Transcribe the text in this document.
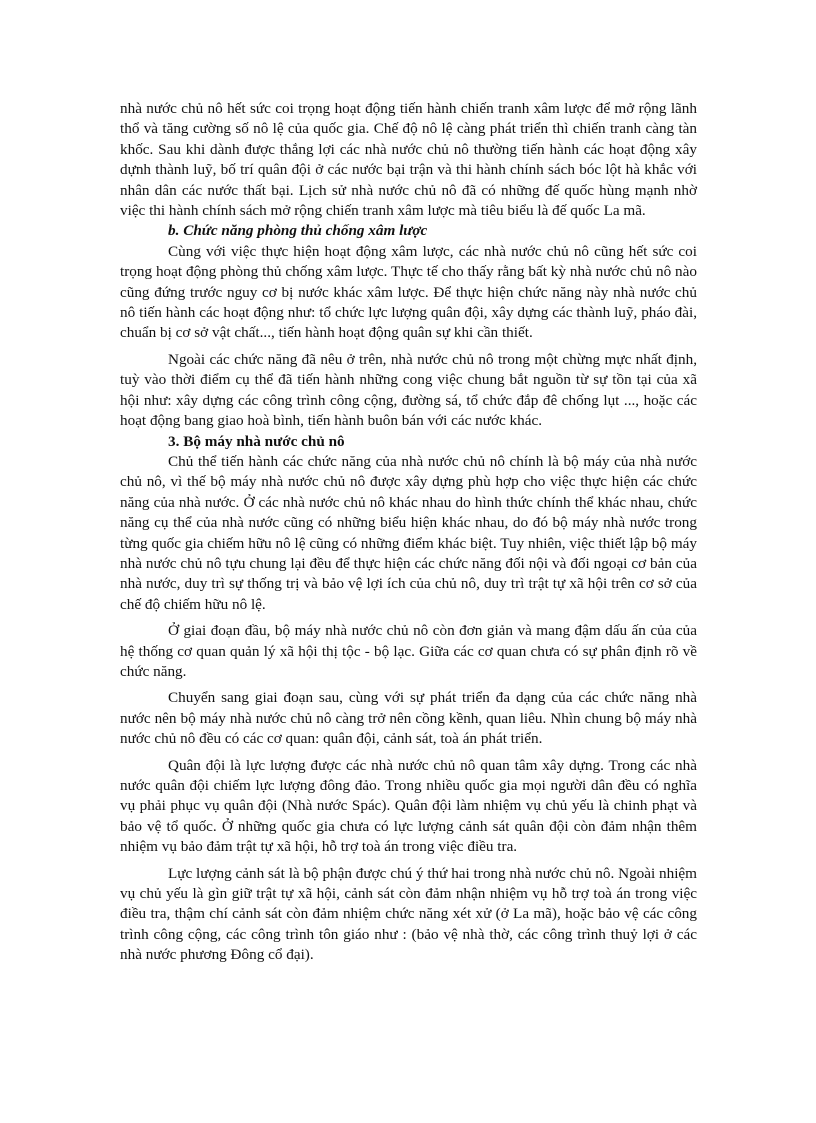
nhà nước chủ nô hết sức coi trọng hoạt động tiến hành chiến tranh xâm lược để mở rộng lãnh thổ và tăng cường số nô lệ của quốc gia. Chế độ nô lệ càng phát triển thì chiến tranh càng tàn khốc. Sau khi dành được thắng lợi các nhà nước chủ nô thường tiến hành các hoạt động xây dựnh thành luỹ, bố trí quân đội ở các nước bại trận và thi hành chính sách bóc lột hà khắc với nhân dân các nước thất bại. Lịch sử nhà nước chủ nô đã có những đế quốc hùng mạnh nhờ việc thi hành chính sách mở rộng chiến tranh xâm lược mà tiêu biểu là đế quốc La mã.

b. Chức năng phòng thủ chống xâm lược

Cùng với việc thực hiện hoạt động xâm lược, các nhà nước chủ nô cũng hết sức coi trọng hoạt động phòng thủ chống xâm lược. Thực tế cho thấy rằng bất kỳ nhà nước chủ nô nào cũng đứng trước nguy cơ bị nước khác xâm lược. Để thực hiện chức năng này nhà nước chủ nô tiến hành các hoạt động như: tổ chức lực lượng quân đội, xây dựng các thành luỹ, pháo đài, chuẩn bị cơ sở vật chất..., tiến hành hoạt động quân sự khi cần thiết.

Ngoài các chức năng đã nêu ở trên, nhà nước chủ nô trong một chừng mực nhất định, tuỳ vào thời điểm cụ thể đã tiến hành những cong việc chung bắt nguồn từ sự tồn tại của xã hội như: xây dựng các công trình công cộng, đường sá, tổ chức đắp đê chống lụt ..., hoặc các hoạt động bang giao hoà bình, tiến hành buôn bán với các nước khác.

3. Bộ máy nhà nước chủ nô

Chủ thể tiến hành các chức năng của nhà nước chủ nô chính là bộ máy của nhà nước chủ nô, vì thế bộ máy nhà nước chủ nô được xây dựng phù hợp cho việc thực hiện các chức năng của nhà nước. Ở các nhà nước chủ nô khác nhau do hình thức chính thể khác nhau, chức năng cụ thể của nhà nước cũng có những biểu hiện khác nhau, do đó bộ máy nhà nước trong từng quốc gia chiếm hữu nô lệ cũng có những điểm khác biệt. Tuy nhiên, việc thiết lập bộ máy nhà nước chủ nô tựu chung lại đều để thực hiện các chức năng đối nội và đối ngoại cơ bản của nhà nước, duy trì sự thống trị và bảo vệ lợi ích của chủ nô, duy trì trật tự xã hội trên cơ sở của chế độ chiếm hữu nô lệ.

Ở giai đoạn đầu, bộ máy nhà nước chủ nô còn đơn giản và mang đậm dấu ấn của của hệ thống cơ quan quản lý xã hội thị tộc - bộ lạc. Giữa các cơ quan chưa có sự phân định rõ về chức năng.

Chuyển sang giai đoạn sau, cùng với sự phát triển đa dạng của các chức năng nhà nước nên bộ máy nhà nước chủ nô càng trở nên cồng kềnh, quan liêu. Nhìn chung bộ máy nhà nước chủ nô đều có các cơ quan: quân đội, cảnh sát, toà án phát triển.

Quân đội là lực lượng được các nhà nước chủ nô quan tâm xây dựng. Trong các nhà nước quân đội chiếm lực lượng đông đảo. Trong nhiều quốc gia mọi người dân đều có nghĩa vụ phải phục vụ quân đội (Nhà nước Spác). Quân đội làm nhiệm vụ chủ yếu là chinh phạt và bảo vệ tổ quốc. Ở những quốc gia chưa có lực lượng cảnh sát quân đội còn đảm nhận thêm nhiệm vụ bảo đảm trật tự xã hội, hỗ trợ toà án trong việc điều tra.

Lực lượng cảnh sát là bộ phận được chú ý thứ hai trong nhà nước chủ nô. Ngoài nhiệm vụ chủ yếu là gìn giữ trật tự xã hội, cảnh sát còn đảm nhận nhiệm vụ hỗ trợ toà án trong việc điều tra, thậm chí cảnh sát còn đảm nhiệm chức năng xét xử (ở La mã), hoặc bảo vệ các công trình công cộng, các công trình tôn giáo như : (bảo vệ nhà thờ, các công trình thuỷ lợi ở các nhà nước phương Đông cổ đại).
